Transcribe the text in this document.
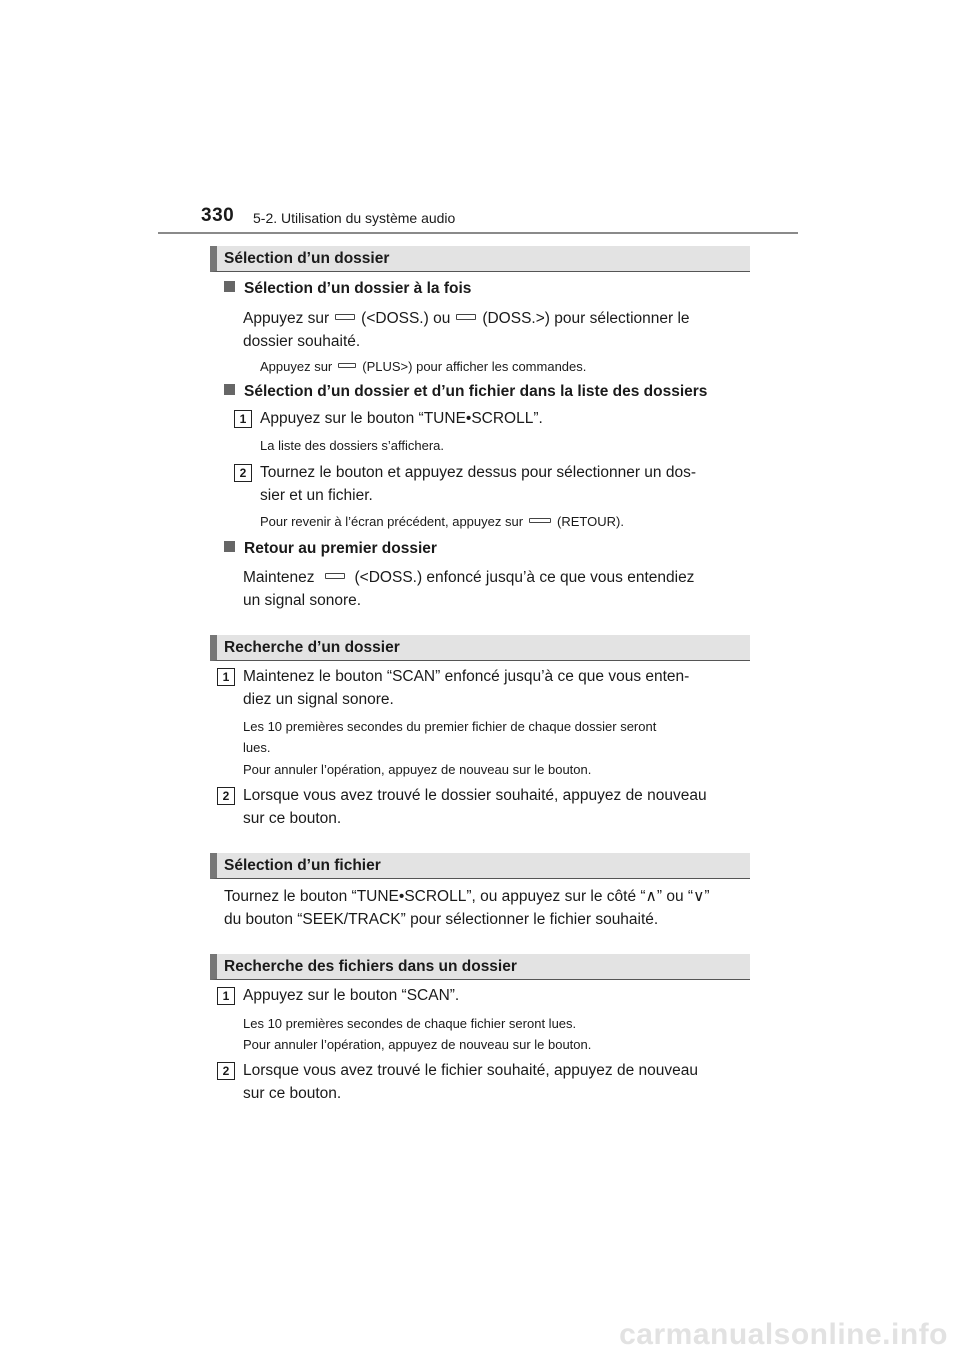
330 5-2. Utilisation du système audio
Sélection d’un dossier
Sélection d’un dossier à la fois
Appuyez sur (<DOSS.) ou (DOSS.>) pour sélectionner le
dossier souhaité.
Appuyez sur (PLUS>) pour afficher les commandes.
Sélection d’un dossier et d’un fichier dans la liste des dossiers
1 Appuyez sur le bouton “TUNE•SCROLL”.
La liste des dossiers s’affichera.
2 Tournez le bouton et appuyez dessus pour sélectionner un dos-
sier et un fichier.
Pour revenir à l’écran précédent, appuyez sur	(RETOUR).
Retour au premier dossier
Maintenez	(<DOSS.) enfoncé jusqu’à ce que vous entendiez
un signal sonore.
Recherche d’un dossier
1 Maintenez le bouton “SCAN” enfoncé jusqu’à ce que vous enten-
diez un signal sonore.
Les 10 premières secondes du premier fichier de chaque dossier seront
lues.
Pour annuler l’opération, appuyez de nouveau sur le bouton.
2 Lorsque vous avez trouvé le dossier souhaité, appuyez de nouveau
sur ce bouton.
Sélection d’un fichier
Tournez le bouton “TUNE•SCROLL”, ou appuyez sur le côté “∧” ou “∨”
du bouton “SEEK/TRACK” pour sélectionner le fichier souhaité.
Recherche des fichiers dans un dossier
1 Appuyez sur le bouton “SCAN”.
Les 10 premières secondes de chaque fichier seront lues.
Pour annuler l’opération, appuyez de nouveau sur le bouton.
2 Lorsque vous avez trouvé le fichier souhaité, appuyez de nouveau
sur ce bouton.
carmanualsonline.info
